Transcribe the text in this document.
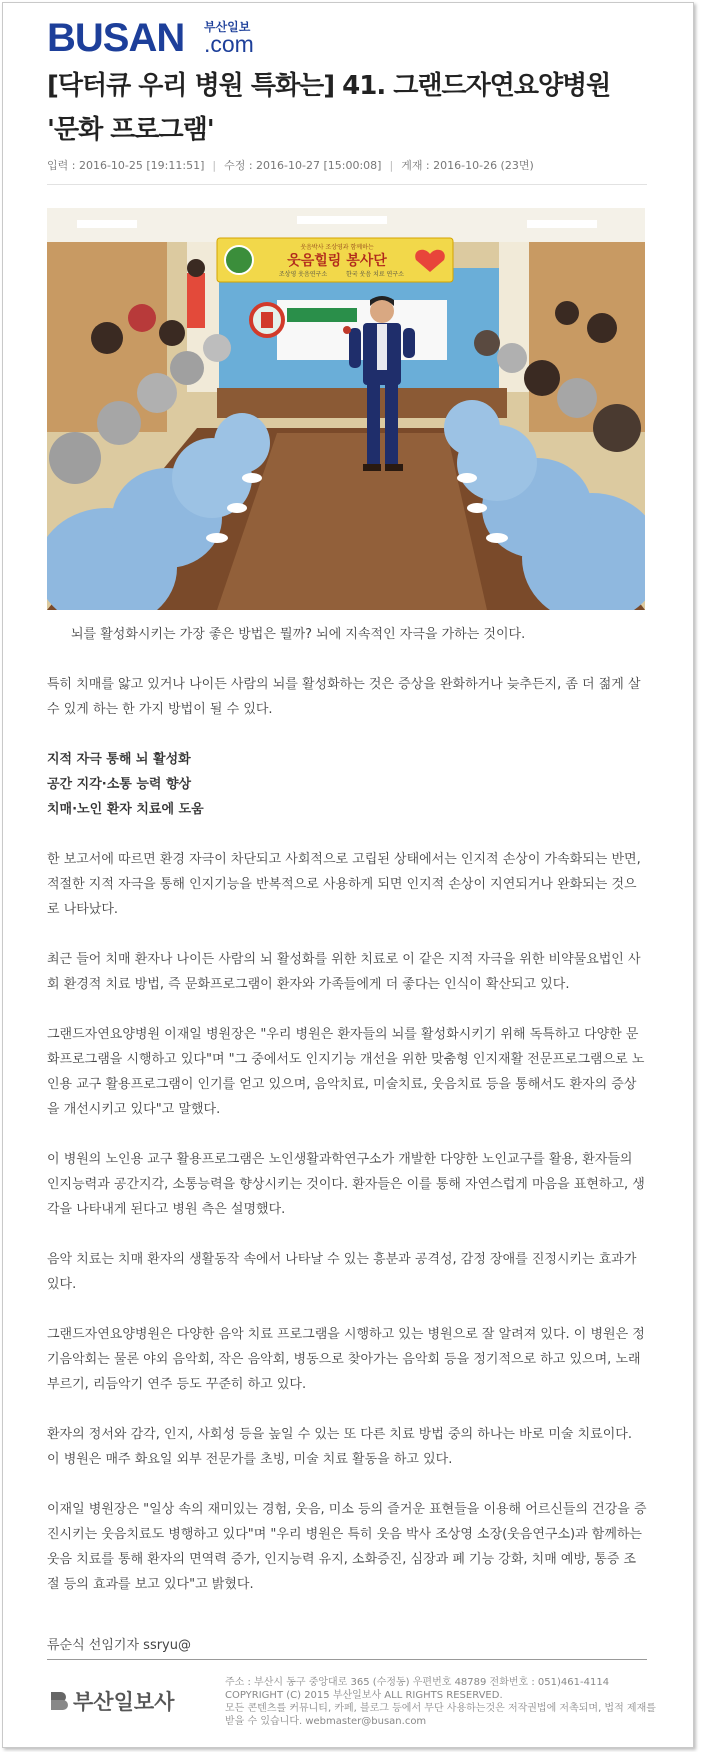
BUSAN 부산일보
.com
[닥터큐 우리 병원 특화는] 41. 그랜드자연요양병원 '문화 프로그램'
입력 : 2016-10-25 [19:11:51] | 수정 : 2016-10-27 [15:00:08] | 게재 : 2016-10-26 (23면)
웃음박사 조상영과 함께하는
웃음힐링 봉사단
조상영 웃음연구소	한국 웃음 치료 연구소

뇌를 활성화시키는 가장 좋은 방법은 뭘까? 뇌에 지속적인 자극을 가하는 것이다.

특히 치매를 앓고 있거나 나이든 사람의 뇌를 활성화하는 것은 증상을 완화하거나 늦추든지, 좀 더 젊게 살 수 있게 하는 한 가지 방법이 될 수 있다.

지적 자극 통해 뇌 활성화
공간 지각·소통 능력 향상
치매·노인 환자 치료에 도움

한 보고서에 따르면 환경 자극이 차단되고 사회적으로 고립된 상태에서는 인지적 손상이 가속화되는 반면, 적절한 지적 자극을 통해 인지기능을 반복적으로 사용하게 되면 인지적 손상이 지연되거나 완화되는 것으로 나타났다.

최근 들어 치매 환자나 나이든 사람의 뇌 활성화를 위한 치료로 이 같은 지적 자극을 위한 비약물요법인 사회 환경적 치료 방법, 즉 문화프로그램이 환자와 가족들에게 더 좋다는 인식이 확산되고 있다.

그랜드자연요양병원 이재일 병원장은 "우리 병원은 환자들의 뇌를 활성화시키기 위해 독특하고 다양한 문화프로그램을 시행하고 있다"며 "그 중에서도 인지기능 개선을 위한 맞춤형 인지재활 전문프로그램으로 노인용 교구 활용프로그램이 인기를 얻고 있으며, 음악치료, 미술치료, 웃음치료 등을 통해서도 환자의 증상을 개선시키고 있다"고 말했다.

이 병원의 노인용 교구 활용프로그램은 노인생활과학연구소가 개발한 다양한 노인교구를 활용, 환자들의 인지능력과 공간지각, 소통능력을 향상시키는 것이다. 환자들은 이를 통해 자연스럽게 마음을 표현하고, 생각을 나타내게 된다고 병원 측은 설명했다.

음악 치료는 치매 환자의 생활동작 속에서 나타날 수 있는 흥분과 공격성, 감정 장애를 진정시키는 효과가 있다.

그랜드자연요양병원은 다양한 음악 치료 프로그램을 시행하고 있는 병원으로 잘 알려져 있다. 이 병원은 정기음악회는 물론 야외 음악회, 작은 음악회, 병동으로 찾아가는 음악회 등을 정기적으로 하고 있으며, 노래 부르기, 리듬악기 연주 등도 꾸준히 하고 있다.

환자의 정서와 감각, 인지, 사회성 등을 높일 수 있는 또 다른 치료 방법 중의 하나는 바로 미술 치료이다. 이 병원은 매주 화요일 외부 전문가를 초빙, 미술 치료 활동을 하고 있다.

이재일 병원장은 "일상 속의 재미있는 경험, 웃음, 미소 등의 즐거운 표현들을 이용해 어르신들의 건강을 증진시키는 웃음치료도 병행하고 있다"며 "우리 병원은 특히 웃음 박사 조상영 소장(웃음연구소)과 함께하는 웃음 치료를 통해 환자의 면역력 증가, 인지능력 유지, 소화증진, 심장과 폐 기능 강화, 치매 예방, 통증 조절 등의 효과를 보고 있다"고 밝혔다.

류순식 선임기자 ssryu@
부산일보사
주소 : 부산시 동구 중앙대로 365 (수정동) 우편번호 48789 전화번호 : 051)461-4114
COPYRIGHT (C) 2015 부산일보사 ALL RIGHTS RESERVED.
모든 콘텐츠를 커뮤니티, 카페, 블로그 등에서 무단 사용하는것은 저작권법에 저촉되며, 법적 제재를
받을 수 있습니다. webmaster@busan.com
